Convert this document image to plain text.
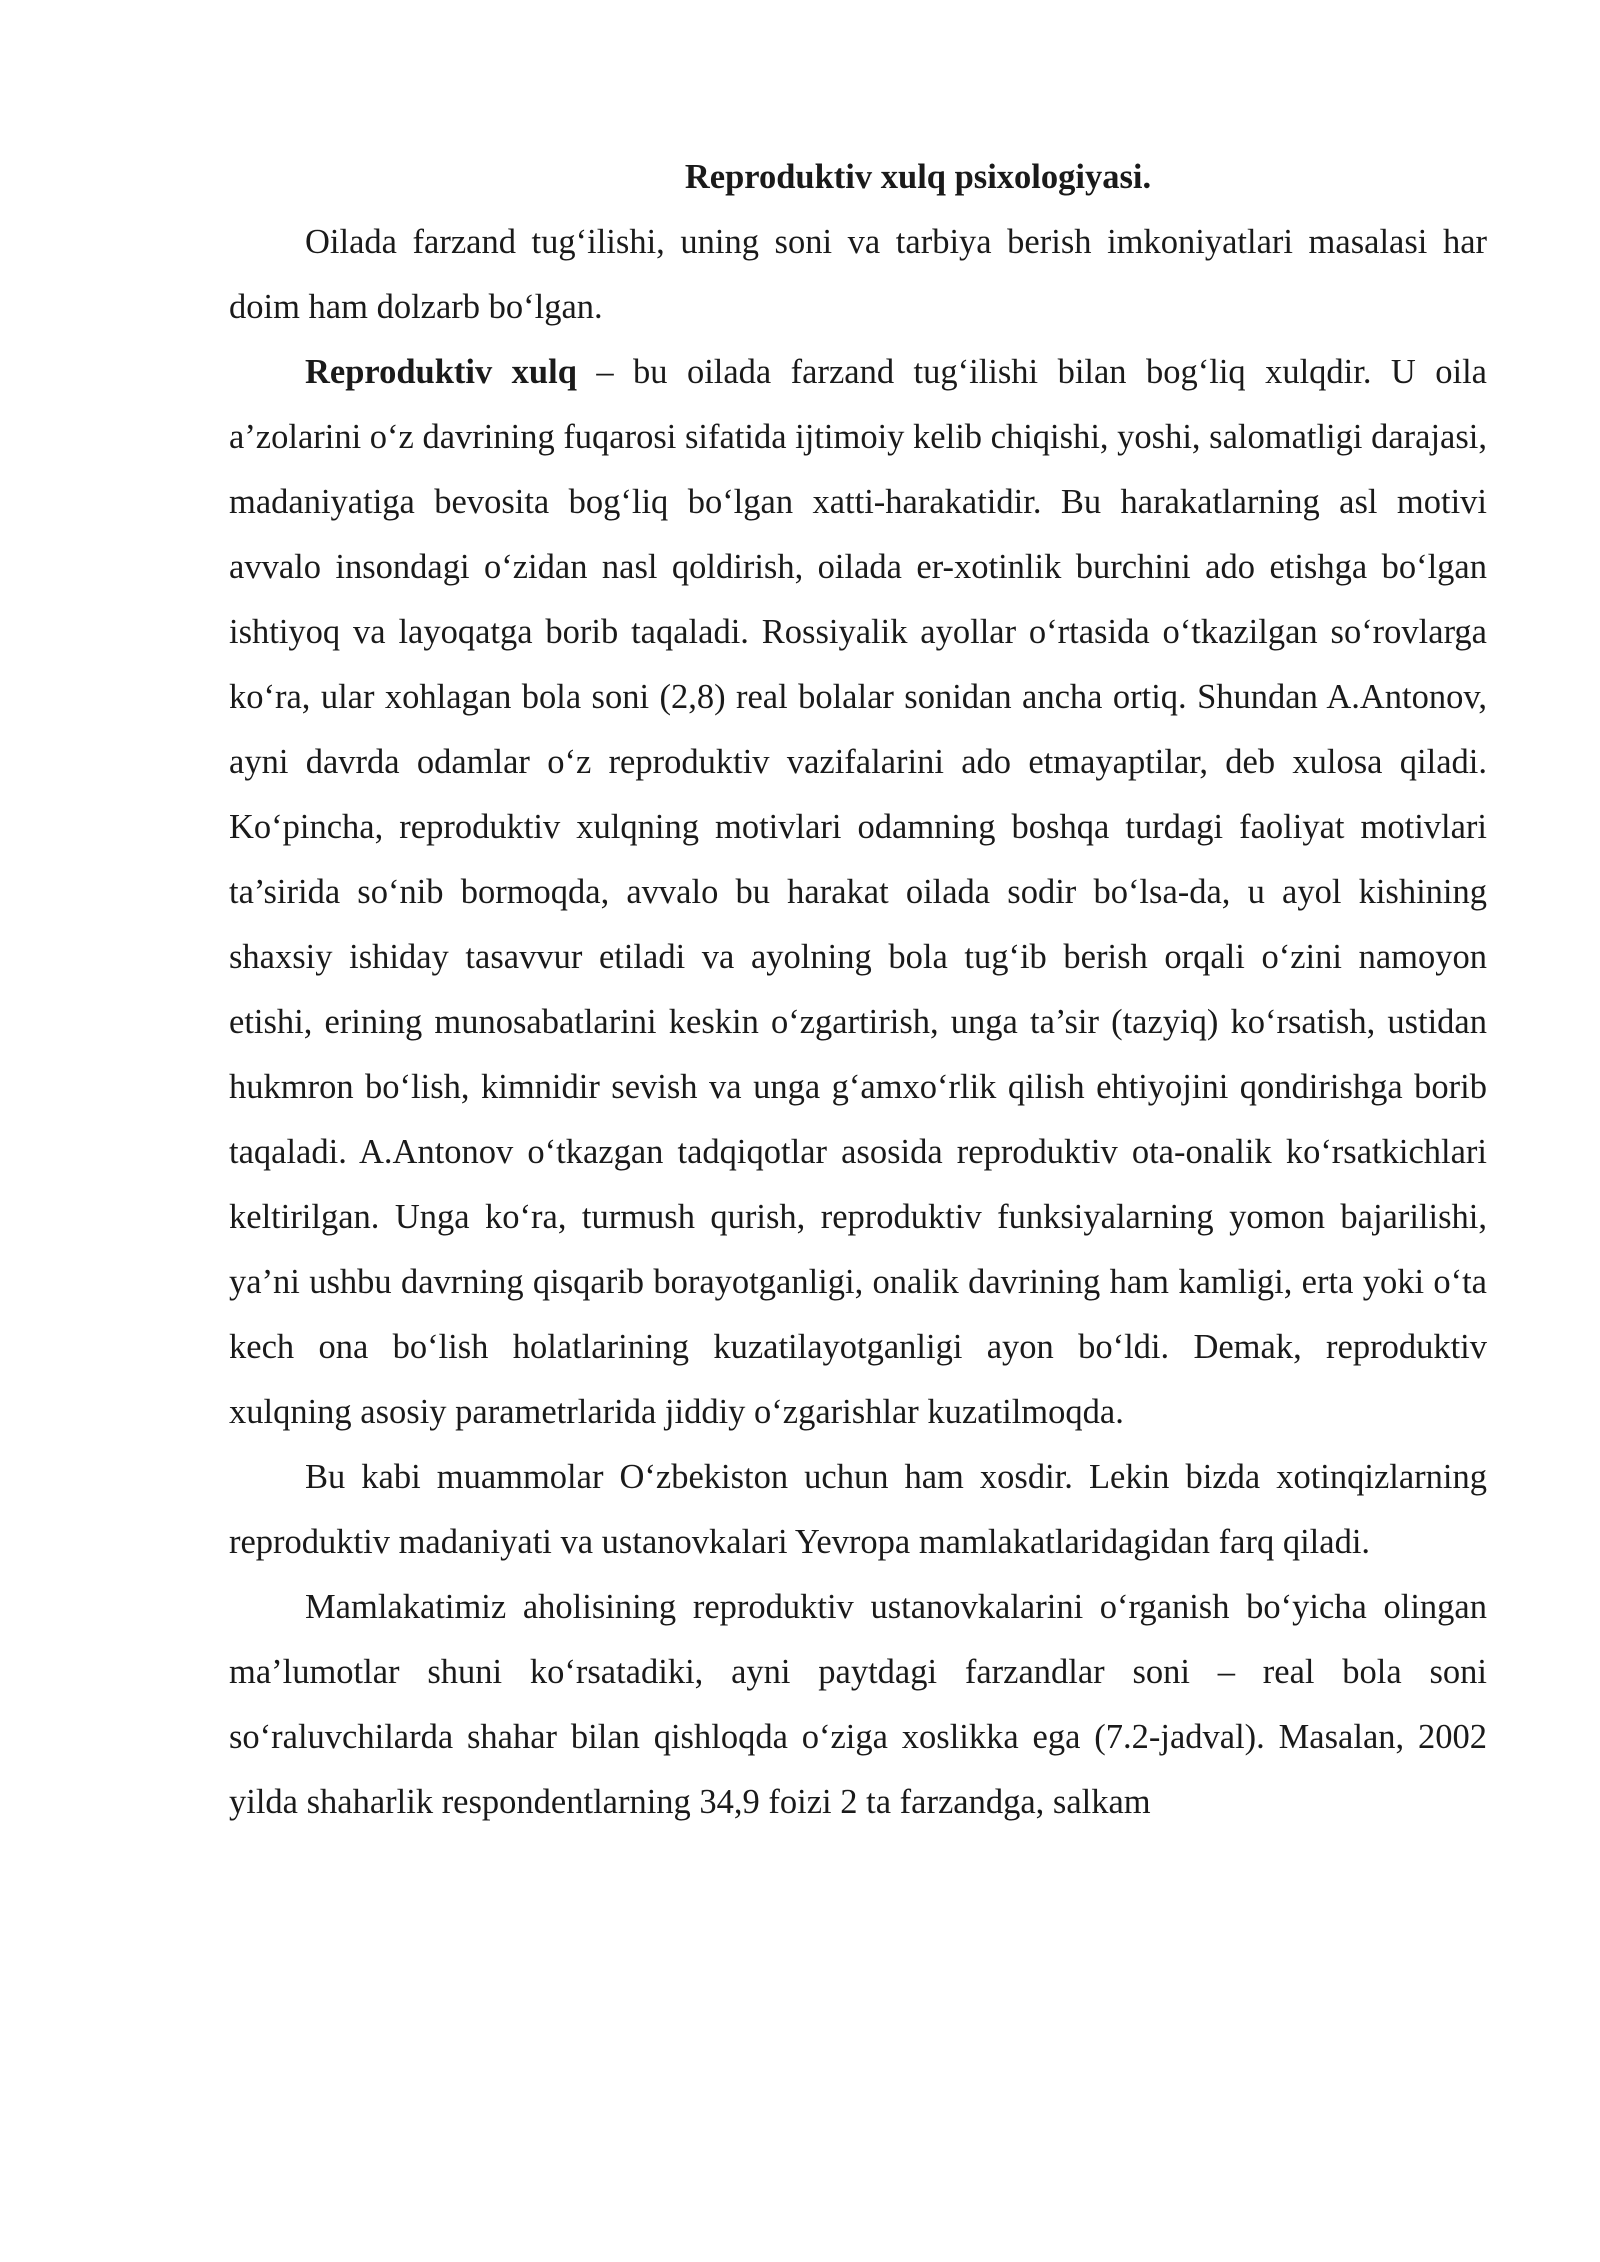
Reproduktiv xulq psixologiyasi.

Oilada farzand tug‘ilishi, uning soni va tarbiya berish imkoniyatlari masalasi har doim ham dolzarb bo‘lgan.

Reproduktiv xulq – bu oilada farzand tug‘ilishi bilan bog‘liq xulqdir. U oila a’zolarini o‘z davrining fuqarosi sifatida ijtimoiy kelib chiqishi, yoshi, salomatligi darajasi, madaniyatiga bevosita bog‘liq bo‘lgan xatti-harakatidir. Bu harakatlarning asl motivi avvalo insondagi o‘zidan nasl qoldirish, oilada er-xotinlik burchini ado etishga bo‘lgan ishtiyoq va layoqatga borib taqaladi. Rossiyalik ayollar o‘rtasida o‘tkazilgan so‘rovlarga ko‘ra, ular xohlagan bola soni (2,8) real bolalar sonidan ancha ortiq. Shundan A.Antonov, ayni davrda odamlar o‘z reproduktiv vazifalarini ado etmayaptilar, deb xulosa qiladi. Ko‘pincha, reproduktiv xulqning motivlari odamning boshqa turdagi faoliyat motivlari ta’sirida so‘nib bormoqda, avvalo bu harakat oilada sodir bo‘lsa-da, u ayol kishining shaxsiy ishiday tasavvur etiladi va ayolning bola tug‘ib berish orqali o‘zini namoyon etishi, erining munosabatlarini keskin o‘zgartirish, unga ta’sir (tazyiq) ko‘rsatish, ustidan hukmron bo‘lish, kimnidir sevish va unga g‘amxo‘rlik qilish ehtiyojini qondirishga borib taqaladi. A.Antonov o‘tkazgan tadqiqotlar asosida reproduktiv ota-onalik ko‘rsatkichlari keltirilgan. Unga ko‘ra, turmush qurish, reproduktiv funksiyalarning yomon bajarilishi, ya’ni ushbu davrning qisqarib borayotganligi, onalik davrining ham kamligi, erta yoki o‘ta kech ona bo‘lish holatlarining kuzatilayotganligi ayon bo‘ldi. Demak, reproduktiv xulqning asosiy parametrlarida jiddiy o‘zgarishlar kuzatilmoqda.

Bu kabi muammolar O‘zbekiston uchun ham xosdir. Lekin bizda xotinqizlarning reproduktiv madaniyati va ustanovkalari Yevropa mamlakatlaridagidan farq qiladi.

Mamlakatimiz aholisining reproduktiv ustanovkalarini o‘rganish bo‘yicha olingan ma’lumotlar shuni ko‘rsatadiki, ayni paytdagi farzandlar soni – real bola soni so‘raluvchilarda shahar bilan qishloqda o‘ziga xoslikka ega (7.2-jadval). Masalan, 2002 yilda shaharlik respondentlarning 34,9 foizi 2 ta farzandga, salkam
